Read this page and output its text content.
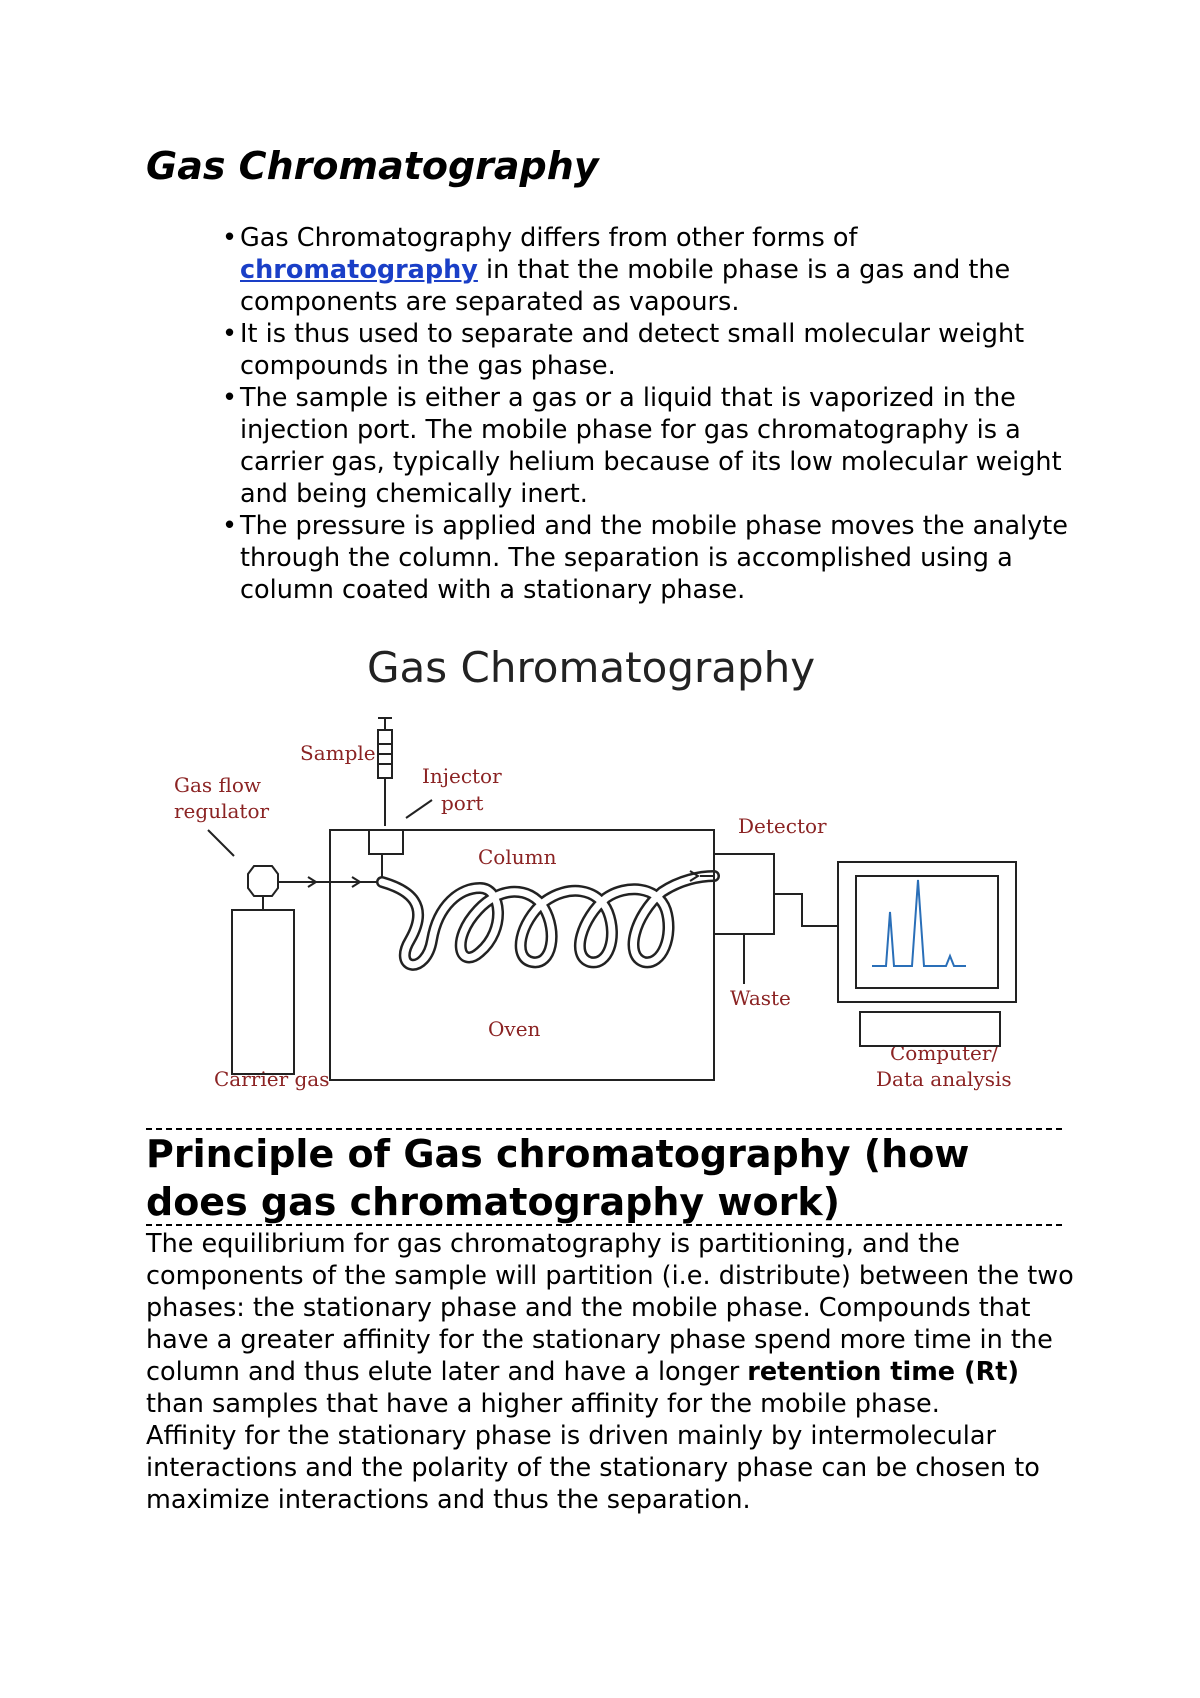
Gas Chromatography
• Gas Chromatography differs from other forms of chromatography in that the mobile phase is a gas and the components are separated as vapours.
• It is thus used to separate and detect small molecular weight compounds in the gas phase.
• The sample is either a gas or a liquid that is vaporized in the injection port. The mobile phase for gas chromatography is a carrier gas, typically helium because of its low molecular weight and being chemically inert.
• The pressure is applied and the mobile phase moves the analyte through the column. The separation is accomplished using a column coated with a stationary phase.
Gas Chromatography
Sample
Gas flow
regulator
Injector
port
Detector
Column
Waste
Oven
Carrier gas
Computer/
Data analysis
Principle of Gas chromatography (how does gas chromatography work)

The equilibrium for gas chromatography is partitioning, and the components of the sample will partition (i.e. distribute) between the two phases: the stationary phase and the mobile phase. Compounds that have a greater affinity for the stationary phase spend more time in the column and thus elute later and have a longer retention time (Rt) than samples that have a higher affinity for the mobile phase.

Affinity for the stationary phase is driven mainly by intermolecular interactions and the polarity of the stationary phase can be chosen to maximize interactions and thus the separation.
